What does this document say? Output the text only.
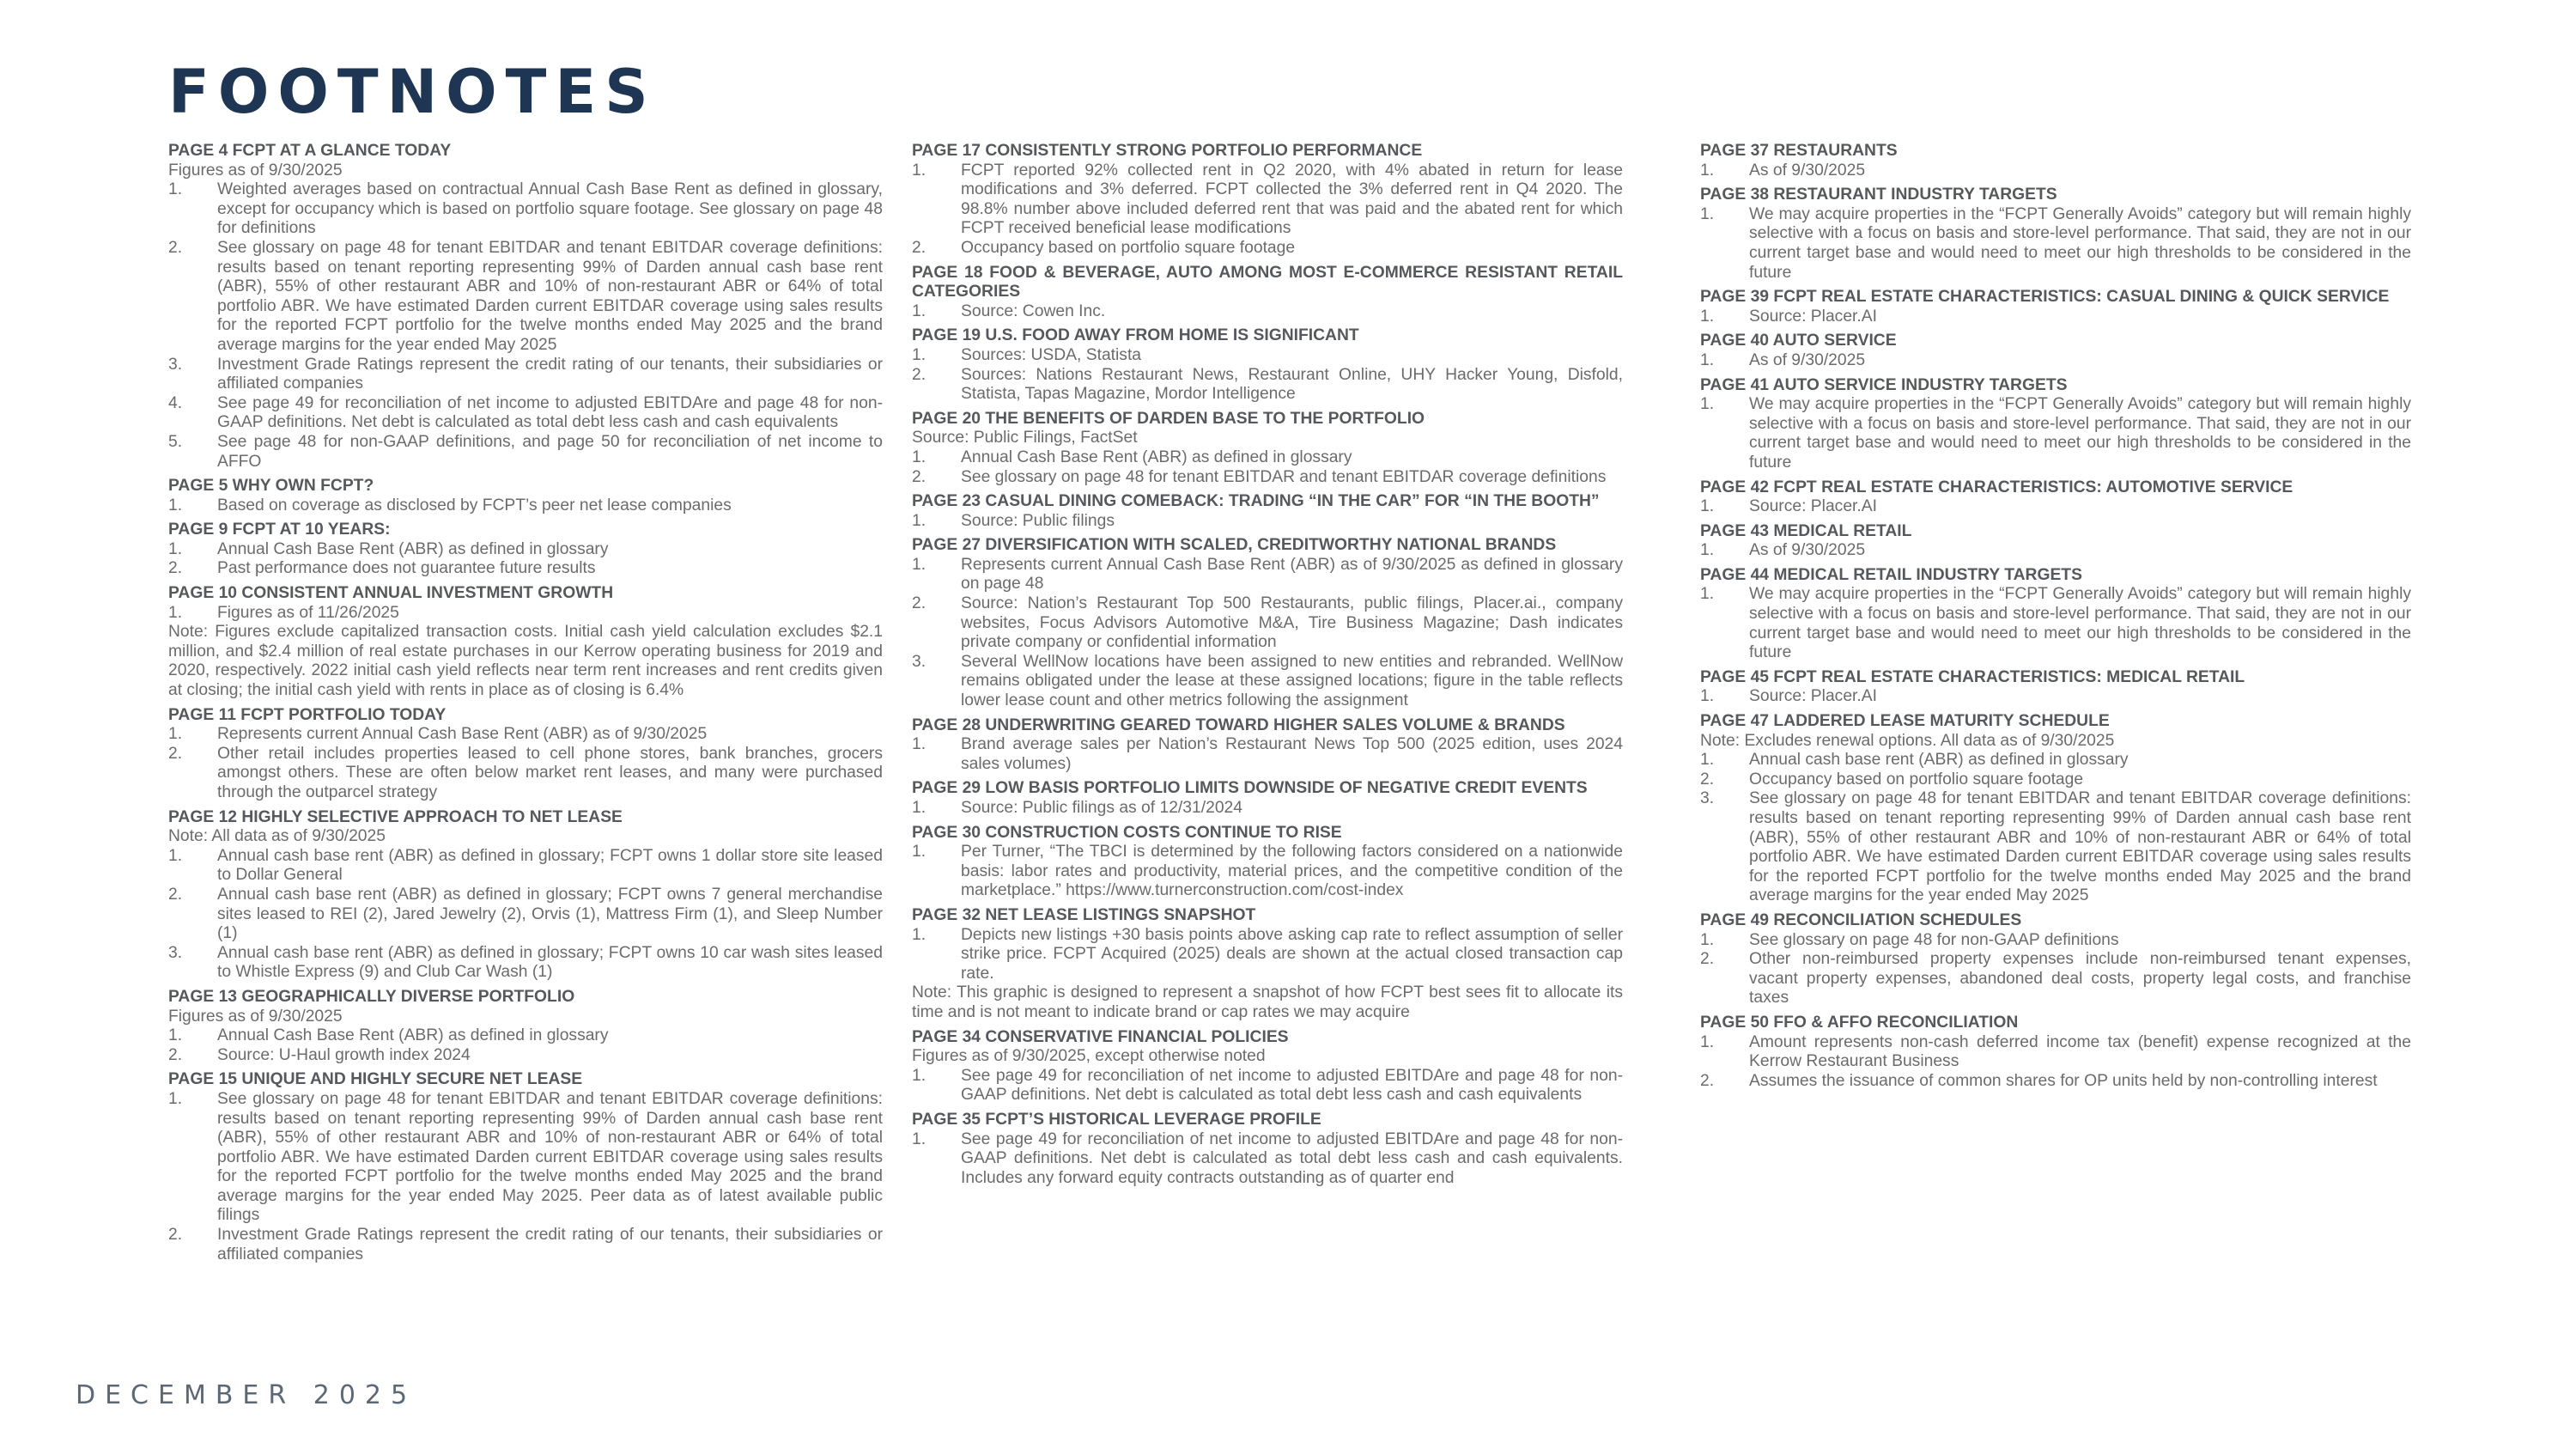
FOOTNOTES
PAGE 4 FCPT AT A GLANCE TODAY
Figures as of 9/30/2025
1.	Weighted averages based on contractual Annual Cash Base Rent as defined in glossary, except for occupancy which is based on portfolio square footage. See glossary on page 48 for definitions
2.	See glossary on page 48 for tenant EBITDAR and tenant EBITDAR coverage definitions: results based on tenant reporting representing 99% of Darden annual cash base rent (ABR), 55% of other restaurant ABR and 10% of non-restaurant ABR or 64% of total portfolio ABR. We have estimated Darden current EBITDAR coverage using sales results for the reported FCPT portfolio for the twelve months ended May 2025 and the brand average margins for the year ended May 2025
3.	Investment Grade Ratings represent the credit rating of our tenants, their subsidiaries or affiliated companies
4.	See page 49 for reconciliation of net income to adjusted EBITDAre and page 48 for non-GAAP definitions. Net debt is calculated as total debt less cash and cash equivalents
5.	See page 48 for non-GAAP definitions, and page 50 for reconciliation of net income to AFFO
PAGE 5 WHY OWN FCPT?
1.	Based on coverage as disclosed by FCPT’s peer net lease companies
PAGE 9 FCPT AT 10 YEARS:
1.	Annual Cash Base Rent (ABR) as defined in glossary
2.	Past performance does not guarantee future results
PAGE 10 CONSISTENT ANNUAL INVESTMENT GROWTH
1.	Figures as of 11/26/2025
Note: Figures exclude capitalized transaction costs. Initial cash yield calculation excludes $2.1 million, and $2.4 million of real estate purchases in our Kerrow operating business for 2019 and 2020, respectively. 2022 initial cash yield reflects near term rent increases and rent credits given at closing; the initial cash yield with rents in place as of closing is 6.4%
PAGE 11 FCPT PORTFOLIO TODAY
1.	Represents current Annual Cash Base Rent (ABR) as of 9/30/2025
2.	Other retail includes properties leased to cell phone stores, bank branches, grocers amongst others. These are often below market rent leases, and many were purchased through the outparcel strategy
PAGE 12 HIGHLY SELECTIVE APPROACH TO NET LEASE
Note: All data as of 9/30/2025
1.	Annual cash base rent (ABR) as defined in glossary; FCPT owns 1 dollar store site leased to Dollar General
2.	Annual cash base rent (ABR) as defined in glossary; FCPT owns 7 general merchandise sites leased to REI (2), Jared Jewelry (2), Orvis (1), Mattress Firm (1), and Sleep Number (1)
3.	Annual cash base rent (ABR) as defined in glossary; FCPT owns 10 car wash sites leased to Whistle Express (9) and Club Car Wash (1)
PAGE 13 GEOGRAPHICALLY DIVERSE PORTFOLIO
Figures as of 9/30/2025
1.	Annual Cash Base Rent (ABR) as defined in glossary
2.	Source: U-Haul growth index 2024
PAGE 15 UNIQUE AND HIGHLY SECURE NET LEASE
1.	See glossary on page 48 for tenant EBITDAR and tenant EBITDAR coverage definitions: results based on tenant reporting representing 99% of Darden annual cash base rent (ABR), 55% of other restaurant ABR and 10% of non-restaurant ABR or 64% of total portfolio ABR. We have estimated Darden current EBITDAR coverage using sales results for the reported FCPT portfolio for the twelve months ended May 2025 and the brand average margins for the year ended May 2025. Peer data as of latest available public filings
2.	Investment Grade Ratings represent the credit rating of our tenants, their subsidiaries or affiliated companies
PAGE 17 CONSISTENTLY STRONG PORTFOLIO PERFORMANCE
1.	FCPT reported 92% collected rent in Q2 2020, with 4% abated in return for lease modifications and 3% deferred. FCPT collected the 3% deferred rent in Q4 2020. The 98.8% number above included deferred rent that was paid and the abated rent for which FCPT received beneficial lease modifications
2.	Occupancy based on portfolio square footage
PAGE 18 FOOD & BEVERAGE, AUTO AMONG MOST E-COMMERCE RESISTANT RETAIL CATEGORIES
1.	Source: Cowen Inc.
PAGE 19 U.S. FOOD AWAY FROM HOME IS SIGNIFICANT
1.	Sources: USDA, Statista
2.	Sources: Nations Restaurant News, Restaurant Online, UHY Hacker Young, Disfold, Statista, Tapas Magazine, Mordor Intelligence
PAGE 20 THE BENEFITS OF DARDEN BASE TO THE PORTFOLIO
Source: Public Filings, FactSet
1.	Annual Cash Base Rent (ABR) as defined in glossary
2.	See glossary on page 48 for tenant EBITDAR and tenant EBITDAR coverage definitions
PAGE 23 CASUAL DINING COMEBACK: TRADING “IN THE CAR” FOR “IN THE BOOTH”
1.	Source: Public filings
PAGE 27 DIVERSIFICATION WITH SCALED, CREDITWORTHY NATIONAL BRANDS
1.	Represents current Annual Cash Base Rent (ABR) as of 9/30/2025 as defined in glossary on page 48
2.	Source: Nation’s Restaurant Top 500 Restaurants, public filings, Placer.ai., company websites, Focus Advisors Automotive M&A, Tire Business Magazine; Dash indicates private company or confidential information
3.	Several WellNow locations have been assigned to new entities and rebranded. WellNow remains obligated under the lease at these assigned locations; figure in the table reflects lower lease count and other metrics following the assignment
PAGE 28 UNDERWRITING GEARED TOWARD HIGHER SALES VOLUME & BRANDS
1.	Brand average sales per Nation’s Restaurant News Top 500 (2025 edition, uses 2024 sales volumes)
PAGE 29 LOW BASIS PORTFOLIO LIMITS DOWNSIDE OF NEGATIVE CREDIT EVENTS
1.	Source: Public filings as of 12/31/2024
PAGE 30 CONSTRUCTION COSTS CONTINUE TO RISE
1.	Per Turner, “The TBCI is determined by the following factors considered on a nationwide basis: labor rates and productivity, material prices, and the competitive condition of the marketplace.” https://www.turnerconstruction.com/cost-index
PAGE 32 NET LEASE LISTINGS SNAPSHOT
1.	Depicts new listings +30 basis points above asking cap rate to reflect assumption of seller strike price. FCPT Acquired (2025) deals are shown at the actual closed transaction cap rate.
Note: This graphic is designed to represent a snapshot of how FCPT best sees fit to allocate its time and is not meant to indicate brand or cap rates we may acquire
PAGE 34 CONSERVATIVE FINANCIAL POLICIES
Figures as of 9/30/2025, except otherwise noted
1.	See page 49 for reconciliation of net income to adjusted EBITDAre and page 48 for non-GAAP definitions. Net debt is calculated as total debt less cash and cash equivalents
PAGE 35 FCPT’S HISTORICAL LEVERAGE PROFILE
1.	See page 49 for reconciliation of net income to adjusted EBITDAre and page 48 for non-GAAP definitions. Net debt is calculated as total debt less cash and cash equivalents. Includes any forward equity contracts outstanding as of quarter end
PAGE 37 RESTAURANTS
1.	As of 9/30/2025
PAGE 38 RESTAURANT INDUSTRY TARGETS
1.	We may acquire properties in the “FCPT Generally Avoids” category but will remain highly selective with a focus on basis and store-level performance. That said, they are not in our current target base and would need to meet our high thresholds to be considered in the future
PAGE 39 FCPT REAL ESTATE CHARACTERISTICS: CASUAL DINING & QUICK SERVICE
1.	Source: Placer.AI
PAGE 40 AUTO SERVICE
1.	As of 9/30/2025
PAGE 41 AUTO SERVICE INDUSTRY TARGETS
1.	We may acquire properties in the “FCPT Generally Avoids” category but will remain highly selective with a focus on basis and store-level performance. That said, they are not in our current target base and would need to meet our high thresholds to be considered in the future
PAGE 42 FCPT REAL ESTATE CHARACTERISTICS: AUTOMOTIVE SERVICE
1.	Source: Placer.AI
PAGE 43 MEDICAL RETAIL
1.	As of 9/30/2025
PAGE 44 MEDICAL RETAIL INDUSTRY TARGETS
1.	We may acquire properties in the “FCPT Generally Avoids” category but will remain highly selective with a focus on basis and store-level performance. That said, they are not in our current target base and would need to meet our high thresholds to be considered in the future
PAGE 45 FCPT REAL ESTATE CHARACTERISTICS: MEDICAL RETAIL
1.	Source: Placer.AI
PAGE 47 LADDERED LEASE MATURITY SCHEDULE
Note: Excludes renewal options. All data as of 9/30/2025
1.	Annual cash base rent (ABR) as defined in glossary
2.	Occupancy based on portfolio square footage
3.	See glossary on page 48 for tenant EBITDAR and tenant EBITDAR coverage definitions: results based on tenant reporting representing 99% of Darden annual cash base rent (ABR), 55% of other restaurant ABR and 10% of non-restaurant ABR or 64% of total portfolio ABR. We have estimated Darden current EBITDAR coverage using sales results for the reported FCPT portfolio for the twelve months ended May 2025 and the brand average margins for the year ended May 2025
PAGE 49 RECONCILIATION SCHEDULES
1.	See glossary on page 48 for non-GAAP definitions
2.	Other non-reimbursed property expenses include non-reimbursed tenant expenses, vacant property expenses, abandoned deal costs, property legal costs, and franchise taxes
PAGE 50 FFO & AFFO RECONCILIATION
1.	Amount represents non-cash deferred income tax (benefit) expense recognized at the Kerrow Restaurant Business
2.	Assumes the issuance of common shares for OP units held by non-controlling interest
DECEMBER 2025
